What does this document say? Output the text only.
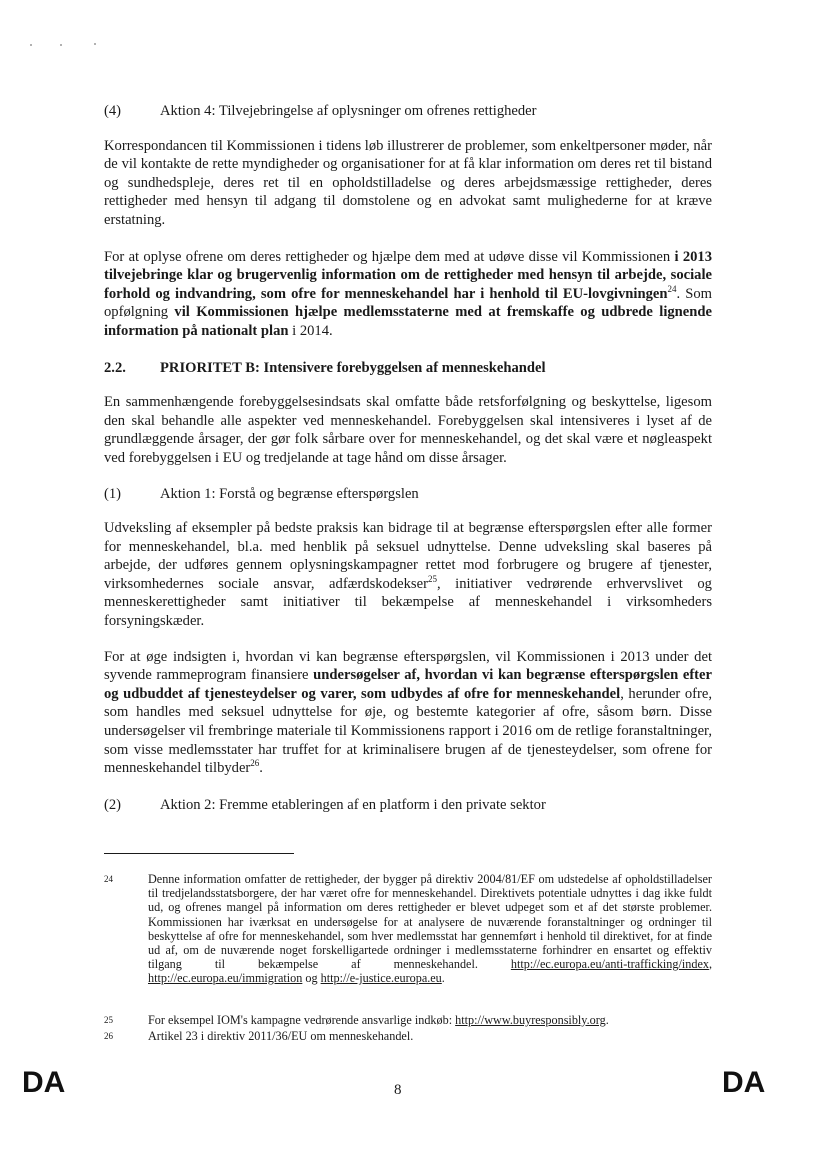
(4)	Aktion 4: Tilvejebringelse af oplysninger om ofrenes rettigheder

Korrespondancen til Kommissionen i tidens løb illustrerer de problemer, som enkeltpersoner møder, når de vil kontakte de rette myndigheder og organisationer for at få klar information om deres ret til bistand og sundhedspleje, deres ret til en opholdstilladelse og deres arbejdsmæssige rettigheder, deres rettigheder med hensyn til adgang til domstolene og en advokat samt mulighederne for at kræve erstatning.

For at oplyse ofrene om deres rettigheder og hjælpe dem med at udøve disse vil Kommissionen i 2013 tilvejebringe klar og brugervenlig information om de rettigheder med hensyn til arbejde, sociale forhold og indvandring, som ofre for menneskehandel har i henhold til EU-lovgivningen$^{24}$. Som opfølgning vil Kommissionen hjælpe medlemsstaterne med at fremskaffe og udbrede lignende information på nationalt plan i 2014.

2.2.	PRIORITET B: Intensivere forebyggelsen af menneskehandel

En sammenhængende forebyggelsesindsats skal omfatte både retsforfølgning og beskyttelse, ligesom den skal behandle alle aspekter ved menneskehandel. Forebyggelsen skal intensiveres i lyset af de grundlæggende årsager, der gør folk sårbare over for menneskehandel, og det skal være et nøgleaspekt ved forebyggelsen i EU og tredjelande at tage hånd om disse årsager.

(1)	Aktion 1: Forstå og begrænse efterspørgslen

Udveksling af eksempler på bedste praksis kan bidrage til at begrænse efterspørgslen efter alle former for menneskehandel, bl.a. med henblik på seksuel udnyttelse. Denne udveksling skal baseres på arbejde, der udføres gennem oplysningskampagner rettet mod forbrugere og brugere af tjenester, virksomhedernes sociale ansvar, adfærdskodekser$^{25}$, initiativer vedrørende erhvervslivet og menneskerettigheder samt initiativer til bekæmpelse af menneskehandel i virksomheders forsyningskæder.

For at øge indsigten i, hvordan vi kan begrænse efterspørgslen, vil Kommissionen i 2013 under det syvende rammeprogram finansiere undersøgelser af, hvordan vi kan begrænse efterspørgslen efter og udbuddet af tjenesteydelser og varer, som udbydes af ofre for menneskehandel, herunder ofre, som handles med seksuel udnyttelse for øje, og bestemte kategorier af ofre, såsom børn. Disse undersøgelser vil frembringe materiale til Kommissionens rapport i 2016 om de retlige foranstaltninger, som visse medlemsstater har truffet for at kriminalisere brugen af de tjenesteydelser, som ofrene for menneskehandel tilbyder$^{26}$.

(2)	Aktion 2: Fremme etableringen af en platform i den private sektor
24	Denne information omfatter de rettigheder, der bygger på direktiv 2004/81/EF om udstedelse af opholdstilladelser til tredjelandsstatsborgere, der har været ofre for menneskehandel. Direktivets potentiale udnyttes i dag ikke fuldt ud, og ofrenes mangel på information om deres rettigheder er blevet udpeget som et af det største problemer. Kommissionen har iværksat en undersøgelse for at analysere de nuværende foranstaltninger og ordninger til beskyttelse af ofre for menneskehandel, som hver medlemsstat har gennemført i henhold til direktivet, for at finde ud af, om de nuværende noget forskelligartede ordninger i medlemsstaterne forhindrer en ensartet og effektiv tilgang til bekæmpelse af menneskehandel. http://ec.europa.eu/anti-trafficking/index, http://ec.europa.eu/immigration og http://e-justice.europa.eu.
25	For eksempel IOM's kampagne vedrørende ansvarlige indkøb: http://www.buyresponsibly.org.
26	Artikel 23 i direktiv 2011/36/EU om menneskehandel.
DA	8	DA
